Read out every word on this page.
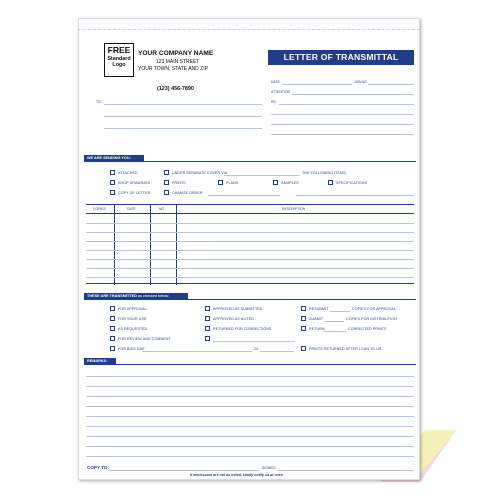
FREE
Standard
Logo
YOUR COMPANY NAME
123 MAIN STREET
YOUR TOWN, STATE AND ZIP
(123) 456-7890
LETTER OF TRANSMITTAL
DATE	JOB NO.
ATTENTION
RE:
TO:
WE ARE SENDING YOU:
ATTACHED	UNDER SEPARATE COVER VIA	THE FOLLOWING ITEMS:
SHOP DRAWINGS	PRINTS	PLANS	SAMPLES	SPECIFICATIONS
COPY OF LETTER	CHANGE ORDER
COPIES	DATE	NO.	DESCRIPTION
THESE ARE TRANSMITTED as checked below:
FOR APPROVAL
FOR YOUR USE
AS REQUESTED
FOR REVIEW AND COMMENT
FOR BIDS DUE	20
APPROVED AS SUBMITTED
APPROVED AS NOTED
RETURNED FOR CORRECTIONS
RESUBMIT	COPIES FOR APPROVAL
SUBMIT	COPIES FOR DISTRIBUTION
RETURN	CORRECTED PRINTS
PRINTS RETURNED AFTER LOAN TO US
REMARKS:
COPY TO:	SIGNED:
If enclosures are not as noted, kindly notify us at once.
